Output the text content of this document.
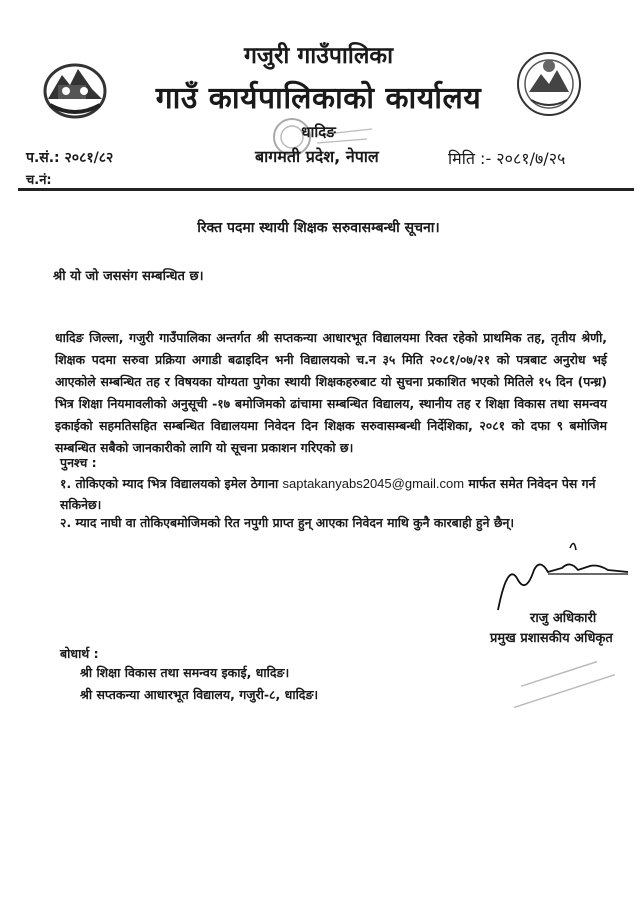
गजुरी गाउँपालिका
गाउँ कार्यपालिकाको कार्यालय
धादिङ
बागमती प्रदेश, नेपाल
प.सं.: २०८१/८२
च.नं:
मिति :- २०८१/७/२५
रिक्त पदमा स्थायी शिक्षक सरुवासम्बन्धी सूचना।
श्री यो जो जससंग सम्बन्धित छ।

धादिङ जिल्ला, गजुरी गाउँपालिका अन्तर्गत श्री सप्तकन्या आधारभूत विद्यालयमा रिक्त रहेको प्राथमिक तह, तृतीय श्रेणी, शिक्षक पदमा सरुवा प्रक्रिया अगाडी बढाइदिन भनी विद्यालयको च.न ३५ मिति २०८१/०७/२१ को पत्रबाट अनुरोध भई आएकोले सम्बन्धित तह र विषयका योग्यता पुगेका स्थायी शिक्षकहरुबाट यो सुचना प्रकाशित भएको मितिले १५ दिन (पन्ध्र) भित्र शिक्षा नियमावलीको अनुसूची -१७ बमोजिमको ढांचामा सम्बन्धित विद्यालय, स्थानीय तह र शिक्षा विकास तथा समन्वय इकाईको सहमतिसहित सम्बन्धित विद्यालयमा निवेदन दिन शिक्षक सरुवासम्बन्धी निर्देशिका, २०८१ को दफा ९ बमोजिम सम्बन्धित सबैको जानकारीको लागि यो सूचना प्रकाशन गरिएको छ।

पुनश्च :
१. तोकिएको म्याद भित्र विद्यालयको इमेल ठेगाना saptakanyabs2045@gmail.com मार्फत समेत निवेदन पेस गर्न सकिनेछ।
२. म्याद नाघी वा तोकिएबमोजिमको रित नपुगी प्राप्त हुन् आएका निवेदन माथि कुनै कारबाही हुने छैन्।
राजु अधिकारी
प्रमुख प्रशासकीय अधिकृत
बोधार्थ :
श्री शिक्षा विकास तथा समन्वय इकाई, धादिङ।
श्री सप्तकन्या आधारभूत विद्यालय, गजुरी-८, धादिङ।
